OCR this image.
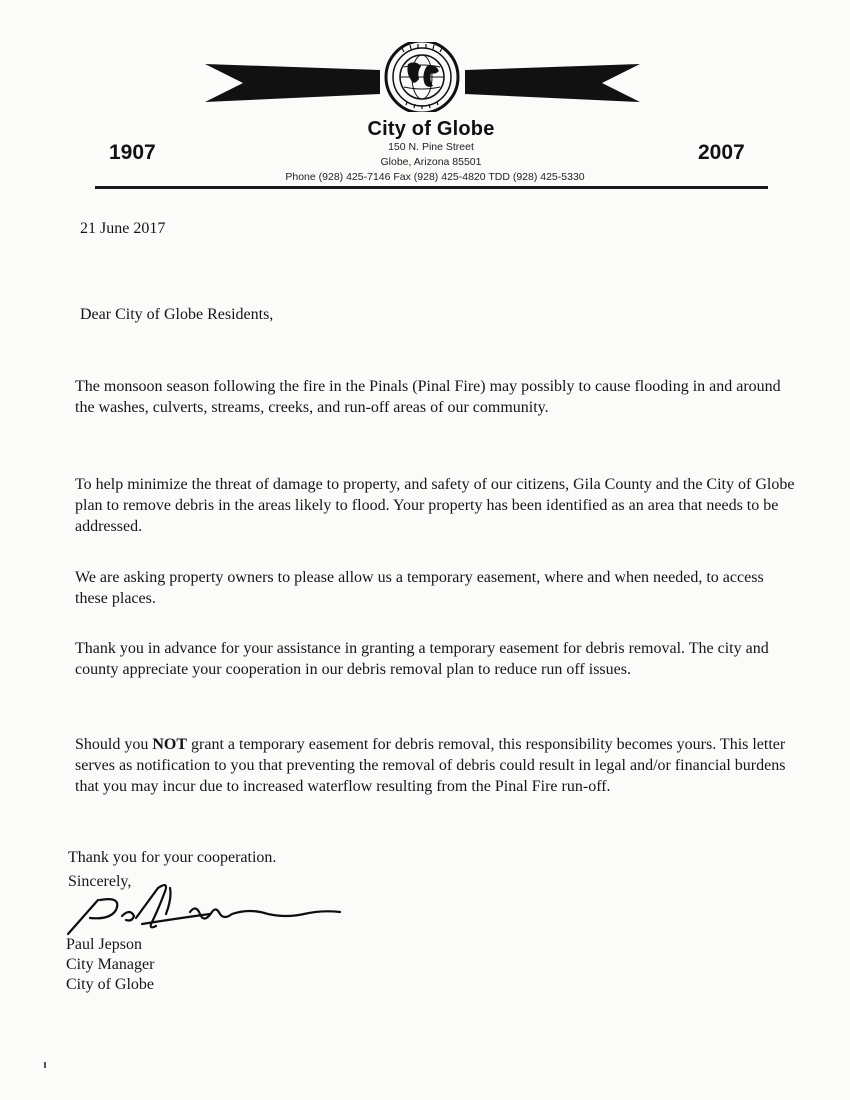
City of Globe
150 N. Pine Street
Globe, Arizona 85501
Phone (928) 425-7146 Fax (928) 425-4820 TDD (928) 425-5330
1907	2007
21 June 2017
Dear City of Globe Residents,

The monsoon season following the fire in the Pinals (Pinal Fire) may possibly to cause flooding in and around the washes, culverts, streams, creeks, and run-off areas of our community.

To help minimize the threat of damage to property, and safety of our citizens, Gila County and the City of Globe plan to remove debris in the areas likely to flood. Your property has been identified as an area that needs to be addressed.

We are asking property owners to please allow us a temporary easement, where and when needed, to access these places.

Thank you in advance for your assistance in granting a temporary easement for debris removal. The city and county appreciate your cooperation in our debris removal plan to reduce run off issues.

Should you NOT grant a temporary easement for debris removal, this responsibility becomes yours. This letter serves as notification to you that preventing the removal of debris could result in legal and/or financial burdens that you may incur due to increased waterflow resulting from the Pinal Fire run-off.

Thank you for your cooperation.
Sincerely,
Paul Jepson
City Manager
City of Globe
